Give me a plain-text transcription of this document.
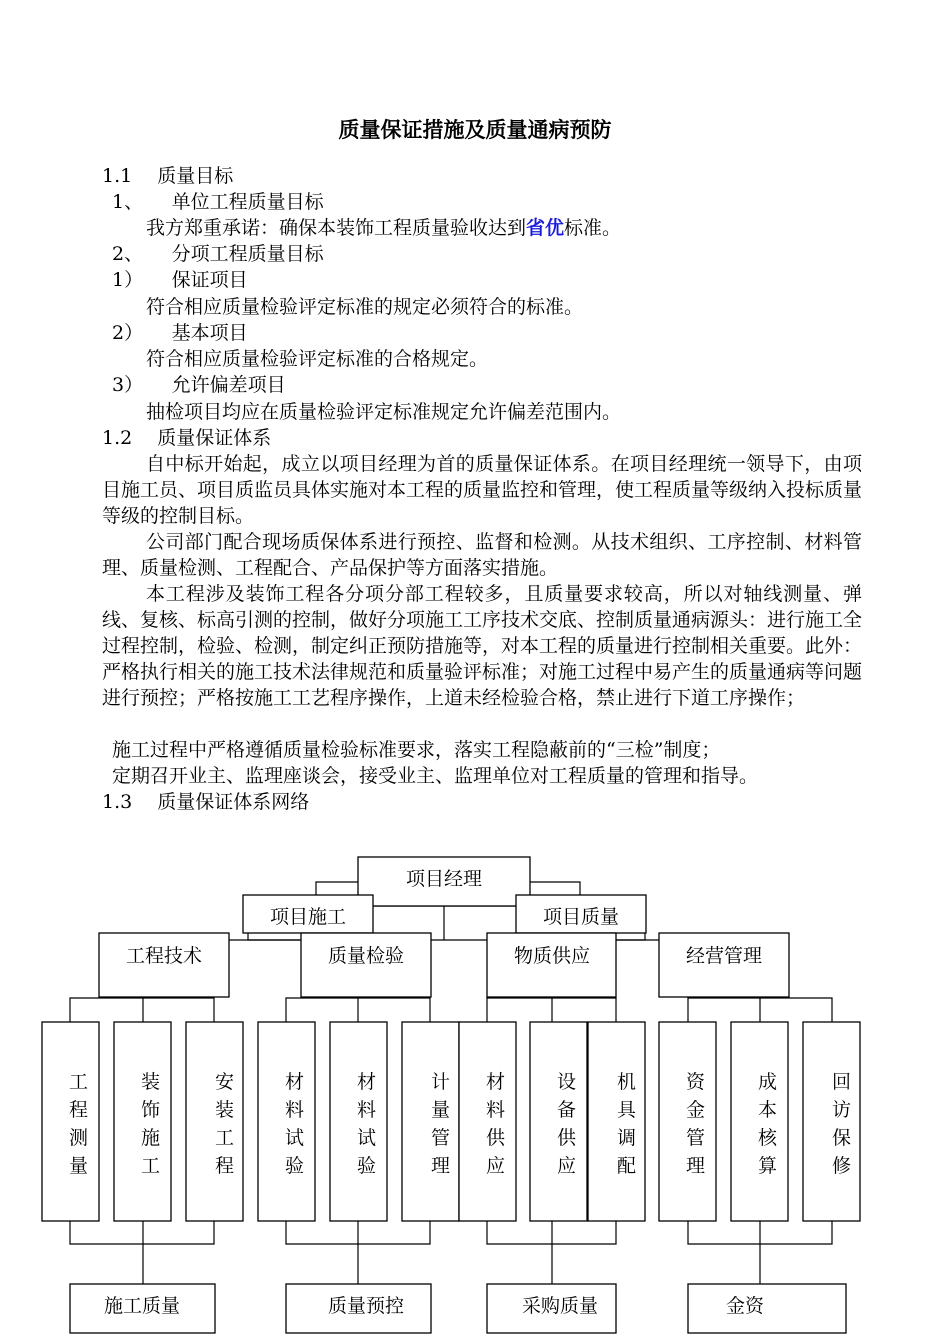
质量保证措施及质量通病预防
1.1　 质量目标
1、　　单位工程质量目标
我方郑重承诺：确保本装饰工程质量验收达到省优标准。
2、　　分项工程质量目标
1）　　保证项目
符合相应质量检验评定标准的规定必须符合的标准。
2）　　基本项目
符合相应质量检验评定标准的合格规定。
3）　　允许偏差项目
抽检项目均应在质量检验评定标准规定允许偏差范围内。
1.2　 质量保证体系
自中标开始起，成立以项目经理为首的质量保证体系。在项目经理统一领导下，由项目施工员、项目质监员具体实施对本工程的质量监控和管理，使工程质量等级纳入投标质量等级的控制目标。
公司部门配合现场质保体系进行预控、监督和检测。从技术组织、工序控制、材料管理、质量检测、工程配合、产品保护等方面落实措施。
本工程涉及装饰工程各分项分部工程较多，且质量要求较高，所以对轴线测量、弹线、复核、标高引测的控制，做好分项施工工序技术交底、控制质量通病源头：进行施工全过程控制，检验、检测，制定纠正预防措施等，对本工程的质量进行控制相关重要。此外：严格执行相关的施工技术法律规范和质量验评标准；对施工过程中易产生的质量通病等问题进行预控；严格按施工工艺程序操作，上道未经检验合格，禁止进行下道工序操作；
施工过程中严格遵循质量检验标准要求，落实工程隐蔽前的“三检”制度；
定期召开业主、监理座谈会，接受业主、监理单位对工程质量的管理和指导。
1.3　 质量保证体系网络
项目经理
项目施工	项目质量
工程技术	质量检验	物质供应	经营管理
工程测量
装饰施工
安装工程
材料试验
材料试验
计量管理
材料供应
设备供应
机具调配
资金管理
成本核算
回访保修
施工质量	质量预控	采购质量	金资
